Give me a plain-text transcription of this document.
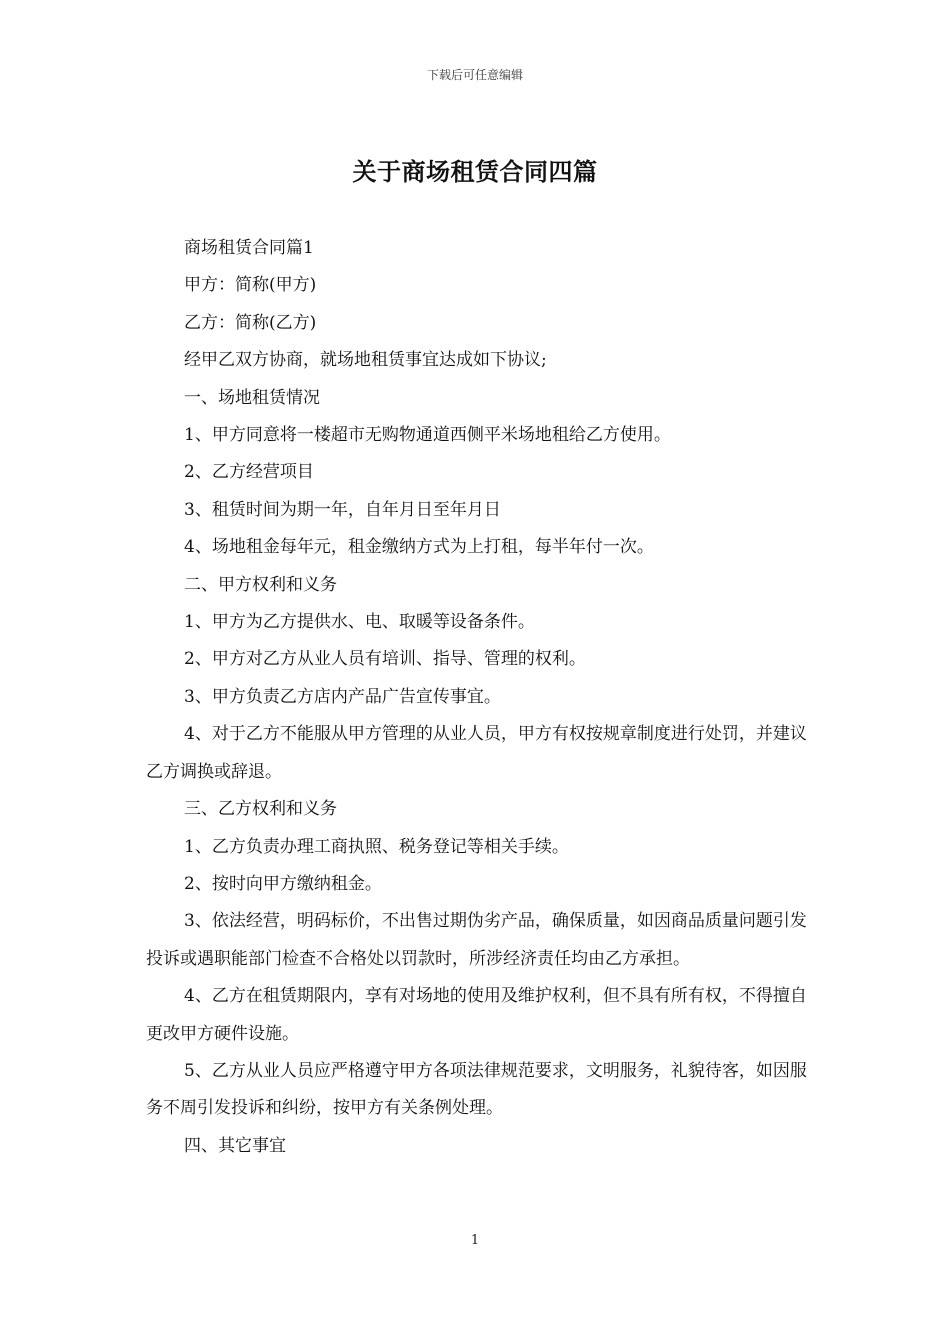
下载后可任意编辑
关于商场租赁合同四篇

商场租赁合同篇1

甲方：简称(甲方)

乙方：简称(乙方)

经甲乙双方协商，就场地租赁事宜达成如下协议;

一、场地租赁情况

1、甲方同意将一楼超市无购物通道西侧平米场地租给乙方使用。

2、乙方经营项目

3、租赁时间为期一年，自年月日至年月日

4、场地租金每年元，租金缴纳方式为上打租，每半年付一次。

二、甲方权利和义务

1、甲方为乙方提供水、电、取暖等设备条件。

2、甲方对乙方从业人员有培训、指导、管理的权利。

3、甲方负责乙方店内产品广告宣传事宜。

4、对于乙方不能服从甲方管理的从业人员，甲方有权按规章制度进行处罚，并建议乙方调换或辞退。

三、乙方权利和义务

1、乙方负责办理工商执照、税务登记等相关手续。

2、按时向甲方缴纳租金。

3、依法经营，明码标价，不出售过期伪劣产品，确保质量，如因商品质量问题引发投诉或遇职能部门检查不合格处以罚款时，所涉经济责任均由乙方承担。

4、乙方在租赁期限内，享有对场地的使用及维护权利，但不具有所有权，不得擅自更改甲方硬件设施。

5、乙方从业人员应严格遵守甲方各项法律规范要求，文明服务，礼貌待客，如因服务不周引发投诉和纠纷，按甲方有关条例处理。

四、其它事宜

1
